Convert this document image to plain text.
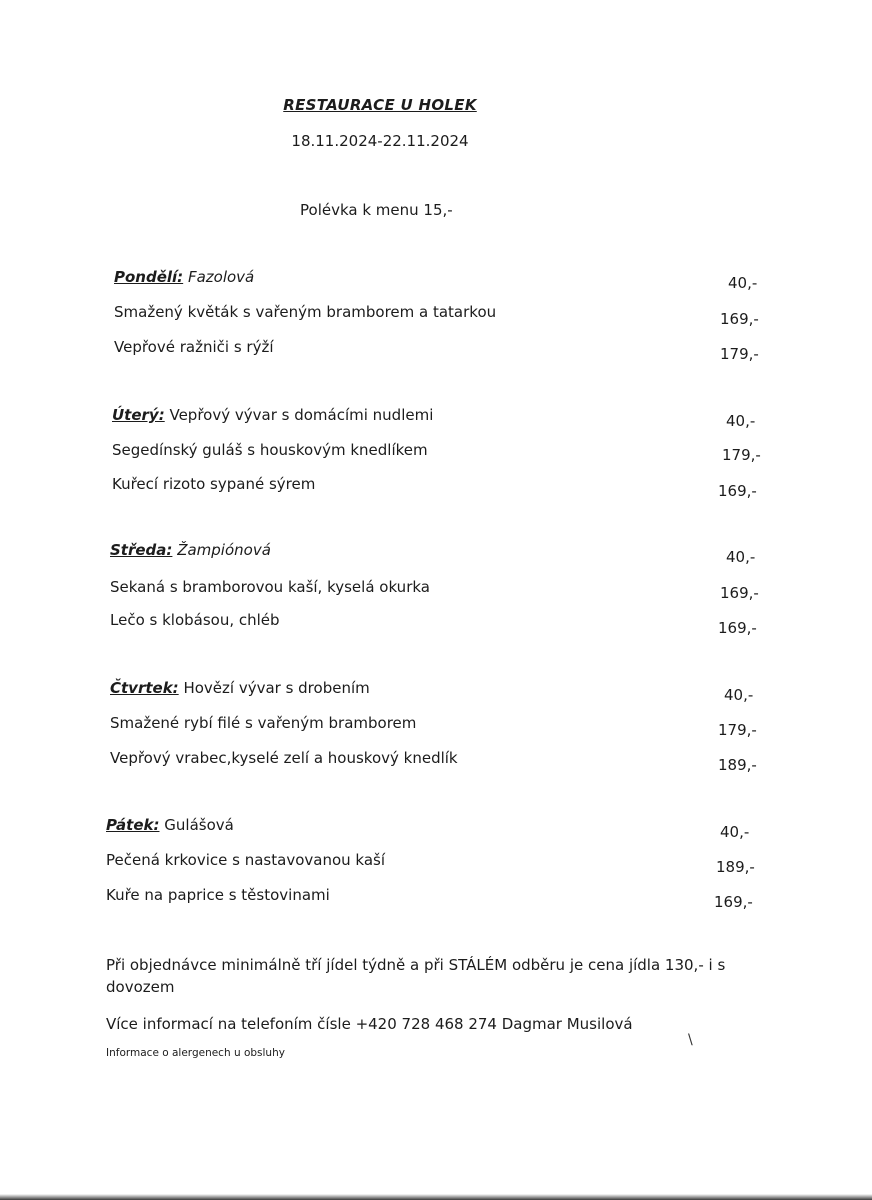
RESTAURACE U HOLEK
18.11.2024-22.11.2024
Polévka k menu 15,-
Pondělí: Fazolová	40,-
Smažený květák s vařeným bramborem a tatarkou	169,-
Vepřové ražniči s rýží	179,-
Úterý: Vepřový vývar s domácími nudlemi	40,-
Segedínský guláš s houskovým knedlíkem	179,-
Kuřecí rizoto sypané sýrem	169,-
Středa: Žampiónová	40,-
Sekaná s bramborovou kaší, kyselá okurka	169,-
Lečo s klobásou, chléb	169,-
Čtvrtek: Hovězí vývar s drobením	40,-
Smažené rybí filé s vařeným bramborem	179,-
Vepřový vrabec,kyselé zelí a houskový knedlík	189,-
Pátek: Gulášová	40,-
Pečená krkovice s nastavovanou kaší	189,-
Kuře na paprice s těstovinami	169,-
Při objednávce minimálně tří jídel týdně a při STÁLÉM odběru je cena jídla 130,- i s dovozem
Více informací na telefoním čísle +420 728 468 274 Dagmar Musilová
Informace o alergenech u obsluhy
\
